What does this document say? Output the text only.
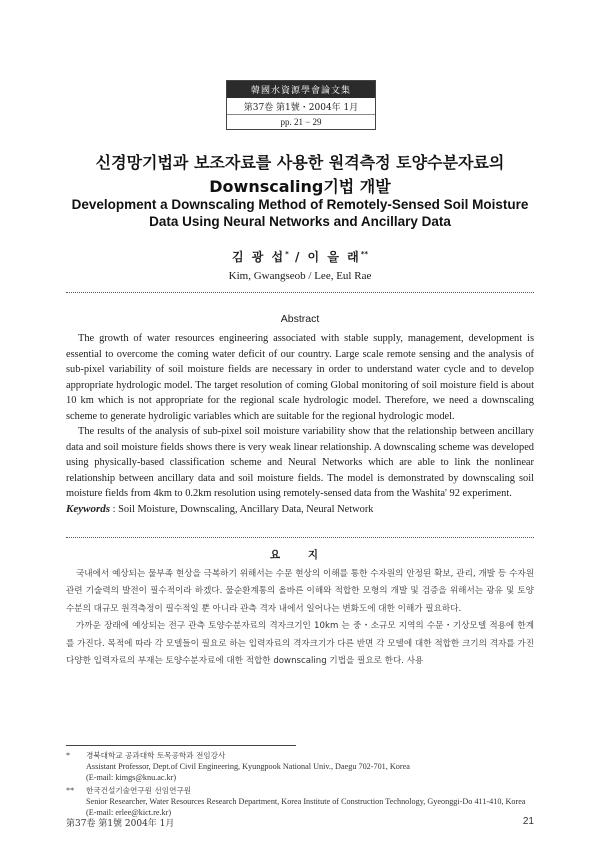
韓國水資源學會論文集
第37卷 第1號・2004年 1月
pp. 21 − 29
신경망기법과 보조자료를 사용한 원격측정 토양수분자료의
Downscaling기법 개발
Development a Downscaling Method of Remotely-Sensed Soil Moisture
Data Using Neural Networks and Ancillary Data
김 광 섭* / 이 을 래**
Kim, Gwangseob / Lee, Eul Rae
Abstract

The growth of water resources engineering associated with stable supply, management, development is essential to overcome the coming water deficit of our country. Large scale remote sensing and the analysis of sub-pixel variability of soil moisture fields are necessary in order to understand water cycle and to develop appropriate hydrologic model. The target resolution of coming Global monitoring of soil moisture field is about 10 km which is not appropriate for the regional scale hydrologic model. Therefore, we need a downscaling scheme to generate hydroligic variables which are suitable for the regional hydrologic model.

The results of the analysis of sub-pixel soil moisture variability show that the relationship between ancillary data and soil moisture fields shows there is very weak linear relationship. A downscaling scheme was developed using physically-based classification scheme and Neural Networks which are able to link the nonlinear relationship between ancillary data and soil moisture fields. The model is demonstrated by downscaling soil moisture fields from 4km to 0.2km resolution using remotely-sensed data from the Washita' 92 experiment.

Keywords : Soil Moisture, Downscaling, Ancillary Data, Neural Network

요 지

국내에서 예상되는 물부족 현상을 극복하기 위해서는 수문 현상의 이해를 통한 수자원의 안정된 확보, 관리, 개발 등 수자원 관련 기술력의 발전이 필수적이라 하겠다. 물순환계통의 올바른 이해와 적합한 모형의 개발 및 검증을 위해서는 광유 및 토양수분의 대규모 원격측정이 필수적일 뿐 아니라 관측 격자 내에서 일어나는 변화도에 대한 이해가 필요하다.

가까운 장래에 예상되는 전구 관측 토양수분자료의 격자크기인 10km 는 중・소규모 지역의 수문・기상모델 적용에 한계를 가진다. 목적에 따라 각 모델들이 필요로 하는 입력자료의 격자크기가 다른 반면 각 모델에 대한 적합한 크기의 격자를 가진 다양한 입력자료의 부재는 토양수분자료에 대한 적합한 downscaling 기법을 필요로 한다. 사용

* 경북대학교 공과대학 토목공학과 전임강사
Assistant Professor, Dept.of Civil Engineering, Kyungpook National Univ., Daegu 702-701, Korea
(E-mail: kimgs@knu.ac.kr)
** 한국건설기술연구원 선임연구원
Senior Researcher, Water Resources Research Department, Korea Institute of Construction Technology, Gyeonggi-Do 411-410, Korea
(E-mail: erlee@kict.re.kr)
第37卷 第1號 2004年 1月	21
